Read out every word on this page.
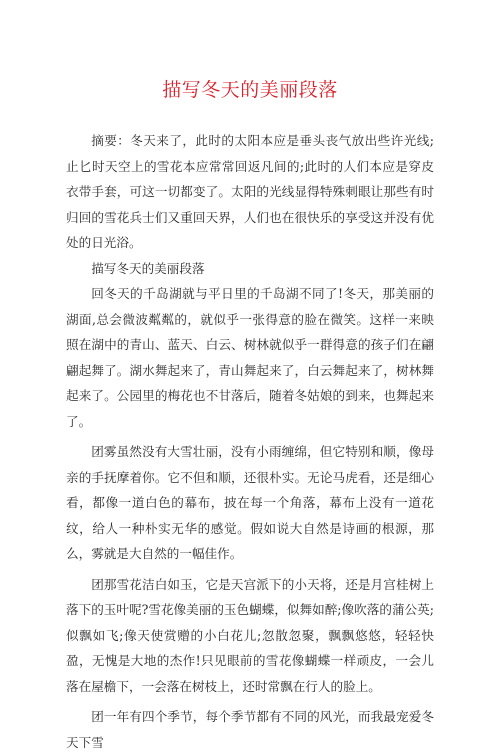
描写冬天的美丽段落

摘要：冬天来了，此时的太阳本应是垂头丧气放出些许光线;止匕时天空上的雪花本应常常回返凡间的;此时的人们本应是穿皮衣带手套，可这一切都变了。太阳的光线显得特殊刺眼让那些有时归回的雪花兵士们又重回天界，人们也在很快乐的享受这并没有优处的日光浴。

描写冬天的美丽段落

回冬天的千岛湖就与平日里的千岛湖不同了!冬天，那美丽的湖面,总会微波粼粼的，就似乎一张得意的脸在微笑。这样一来映照在湖中的青山、蓝天、白云、树林就似乎一群得意的孩子们在翩翩起舞了。湖水舞起来了，青山舞起来了，白云舞起来了，树林舞起来了。公园里的梅花也不甘落后，随着冬姑娘的到来，也舞起来了。

团雾虽然没有大雪壮丽，没有小雨缠绵，但它特别和顺，像母亲的手抚摩着你。它不但和顺，还很朴实。无论马虎看，还是细心看，都像一道白色的幕布，披在每一个角落，幕布上没有一道花纹，给人一种朴实无华的感觉。假如说大自然是诗画的根源，那么，雾就是大自然的一幅佳作。

团那雪花洁白如玉，它是天宫派下的小天将，还是月宫桂树上落下的玉叶呢?雪花像美丽的玉色蝴蝶，似舞如醉;像吹落的蒲公英;似飘如飞;像天使赏赠的小白花儿;忽散忽聚，飘飘悠悠，轻轻快盈，无愧是大地的杰作!只见眼前的雪花像蝴蝶一样顽皮，一会儿落在屋檐下，一会落在树枝上，还时常飘在行人的脸上。

团一年有四个季节，每个季节都有不同的风光，而我最宠爱冬天下雪
